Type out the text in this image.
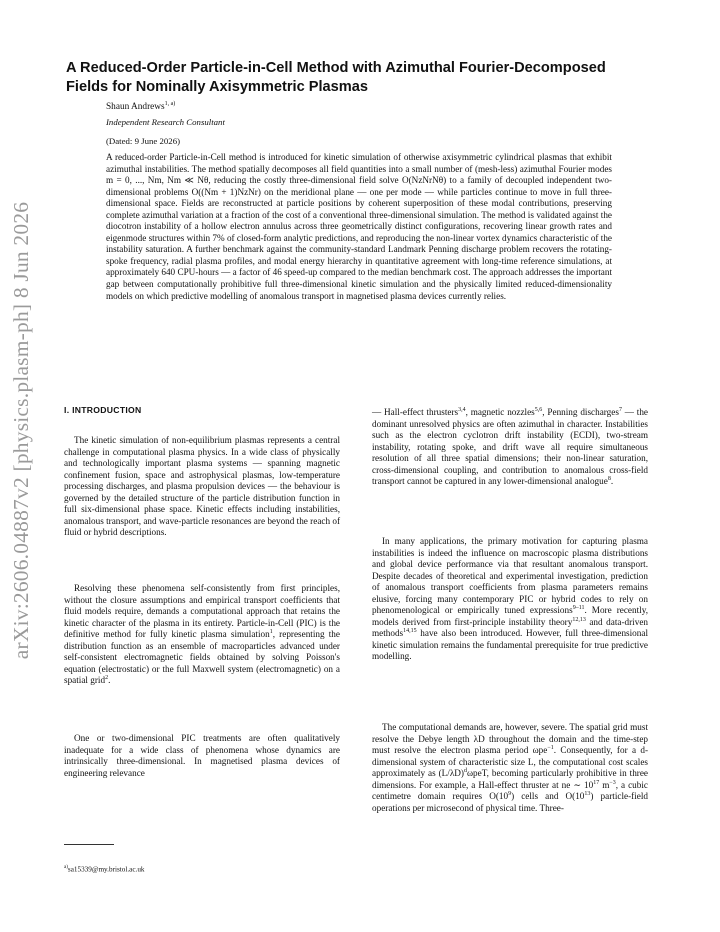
arXiv:2606.04887v2 [physics.plasm-ph] 8 Jun 2026
A Reduced-Order Particle-in-Cell Method with Azimuthal Fourier-Decomposed Fields for Nominally Axisymmetric Plasmas
Shaun Andrews$^{1, a)}$
Independent Research Consultant
(Dated: 9 June 2026)

A reduced-order Particle-in-Cell method is introduced for kinetic simulation of otherwise axisymmetric cylindrical plasmas that exhibit azimuthal instabilities. The method spatially decomposes all field quantities into a small number of (mesh-less) azimuthal Fourier modes m = 0, ..., Nm, Nm ≪ Nθ, reducing the costly three-dimensional field solve O(NzNrNθ) to a family of decoupled independent two-dimensional problems O((Nm + 1)NzNr) on the meridional plane — one per mode — while particles continue to move in full three-dimensional space. Fields are reconstructed at particle positions by coherent superposition of these modal contributions, preserving complete azimuthal variation at a fraction of the cost of a conventional three-dimensional simulation. The method is validated against the diocotron instability of a hollow electron annulus across three geometrically distinct configurations, recovering linear growth rates and eigenmode structures within 7% of closed-form analytic predictions, and reproducing the non-linear vortex dynamics characteristic of the instability saturation. A further benchmark against the community-standard Landmark Penning discharge problem recovers the rotating-spoke frequency, radial plasma profiles, and modal energy hierarchy in quantitative agreement with long-time reference simulations, at approximately 640 CPU-hours — a factor of 46 speed-up compared to the median benchmark cost. The approach addresses the important gap between computationally prohibitive full three-dimensional kinetic simulation and the physically limited reduced-dimensionality models on which predictive modelling of anomalous transport in magnetised plasma devices currently relies.

I. INTRODUCTION

The kinetic simulation of non-equilibrium plasmas represents a central challenge in computational plasma physics. In a wide class of physically and technologically important plasma systems — spanning magnetic confinement fusion, space and astrophysical plasmas, low-temperature processing discharges, and plasma propulsion devices — the behaviour is governed by the detailed structure of the particle distribution function in full six-dimensional phase space. Kinetic effects including instabilities, anomalous transport, and wave-particle resonances are beyond the reach of fluid or hybrid descriptions.

Resolving these phenomena self-consistently from first principles, without the closure assumptions and empirical transport coefficients that fluid models require, demands a computational approach that retains the kinetic character of the plasma in its entirety. Particle-in-Cell (PIC) is the definitive method for fully kinetic plasma simulation$^1$, representing the distribution function as an ensemble of macroparticles advanced under self-consistent electromagnetic fields obtained by solving Poisson's equation (electrostatic) or the full Maxwell system (electromagnetic) on a spatial grid$^2$.

One or two-dimensional PIC treatments are often qualitatively inadequate for a wide class of phenomena whose dynamics are intrinsically three-dimensional. In magnetised plasma devices of engineering relevance

— Hall-effect thrusters$^{3,4}$, magnetic nozzles$^{5,6}$, Penning discharges$^7$ — the dominant unresolved physics are often azimuthal in character. Instabilities such as the electron cyclotron drift instability (ECDI), two-stream instability, rotating spoke, and drift wave all require simultaneous resolution of all three spatial dimensions; their non-linear saturation, cross-dimensional coupling, and contribution to anomalous cross-field transport cannot be captured in any lower-dimensional analogue$^8$.

In many applications, the primary motivation for capturing plasma instabilities is indeed the influence on macroscopic plasma distributions and global device performance via that resultant anomalous transport. Despite decades of theoretical and experimental investigation, prediction of anomalous transport coefficients from plasma parameters remains elusive, forcing many contemporary PIC or hybrid codes to rely on phenomenological or empirically tuned expressions$^{9-11}$. More recently, models derived from first-principle instability theory$^{12,13}$ and data-driven methods$^{14,15}$ have also been introduced. However, full three-dimensional kinetic simulation remains the fundamental prerequisite for true predictive modelling.

The computational demands are, however, severe. The spatial grid must resolve the Debye length λD throughout the domain and the time-step must resolve the electron plasma period ωpe$^{-1}$. Consequently, for a d-dimensional system of characteristic size L, the computational cost scales approximately as $(L/\lambda D)^d\omega peT$, becoming particularly prohibitive in three dimensions. For example, a Hall-effect thruster at ne ∼ $10^{17}$ $m^{-3}$, a cubic centimetre domain requires $O(10^9)$ cells and $O(10^{13})$ particle-field operations per microsecond of physical time. Three-

$^{a)}$sa15339@my.bristol.ac.uk
